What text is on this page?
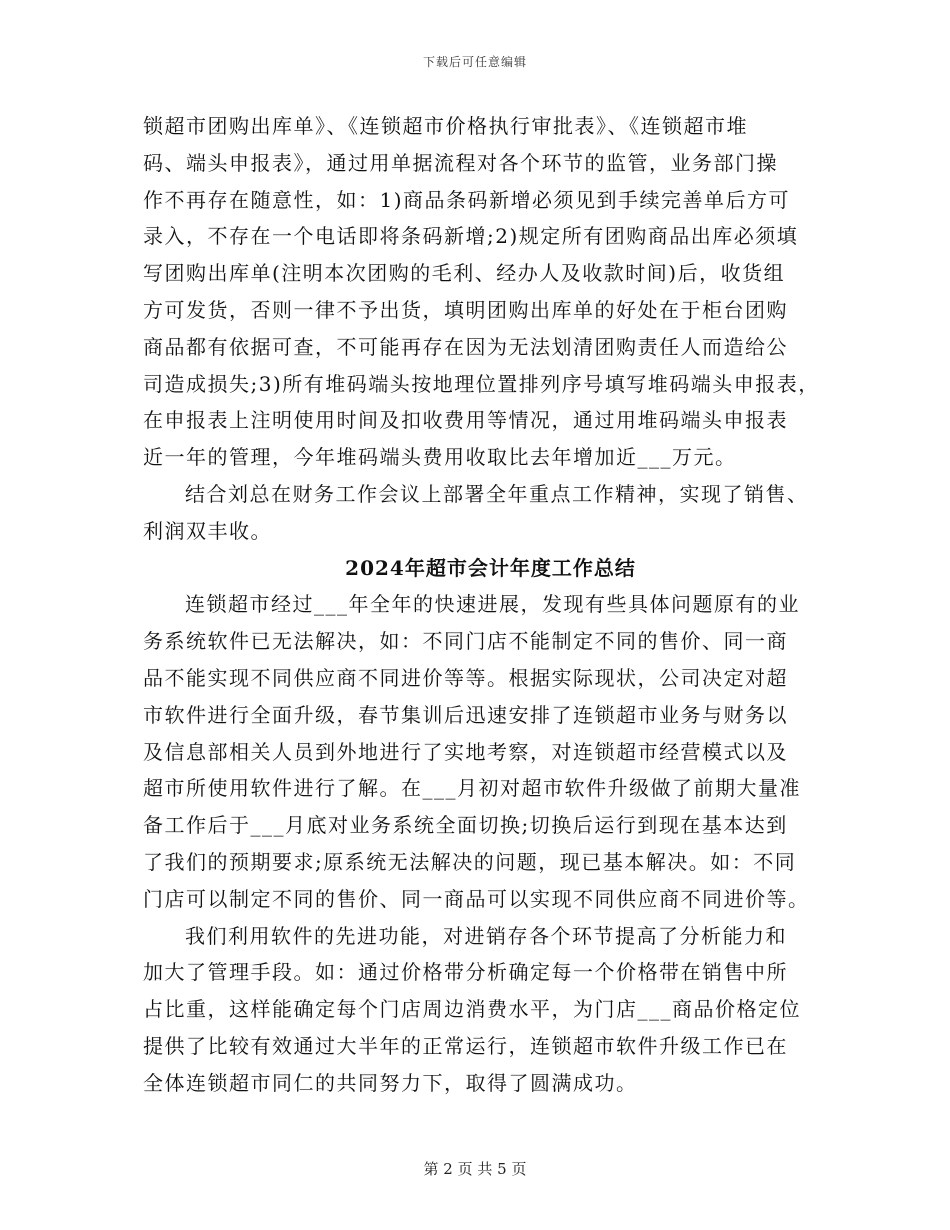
下载后可任意编辑
锁超市团购出库单》、《连锁超市价格执行审批表》、《连锁超市堆
码、端头申报表》，通过用单据流程对各个环节的监管，业务部门操
作不再存在随意性，如：1)商品条码新增必须见到手续完善单后方可
录入，不存在一个电话即将条码新增;2)规定所有团购商品出库必须填
写团购出库单(注明本次团购的毛利、经办人及收款时间)后，收货组
方可发货，否则一律不予出货，填明团购出库单的好处在于柜台团购
商品都有依据可查，不可能再存在因为无法划清团购责任人而造给公
司造成损失;3)所有堆码端头按地理位置排列序号填写堆码端头申报表，
在申报表上注明使用时间及扣收费用等情况，通过用堆码端头申报表
近一年的管理，今年堆码端头费用收取比去年增加近___万元。
结合刘总在财务工作会议上部署全年重点工作精神，实现了销售、
利润双丰收。
2024年超市会计年度工作总结
连锁超市经过___年全年的快速进展，发现有些具体问题原有的业
务系统软件已无法解决，如：不同门店不能制定不同的售价、同一商
品不能实现不同供应商不同进价等等。根据实际现状，公司决定对超
市软件进行全面升级，春节集训后迅速安排了连锁超市业务与财务以
及信息部相关人员到外地进行了实地考察，对连锁超市经营模式以及
超市所使用软件进行了解。在___月初对超市软件升级做了前期大量准
备工作后于___月底对业务系统全面切换;切换后运行到现在基本达到
了我们的预期要求;原系统无法解决的问题，现已基本解决。如：不同
门店可以制定不同的售价、同一商品可以实现不同供应商不同进价等。
我们利用软件的先进功能，对进销存各个环节提高了分析能力和
加大了管理手段。如：通过价格带分析确定每一个价格带在销售中所
占比重，这样能确定每个门店周边消费水平，为门店___商品价格定位
提供了比较有效通过大半年的正常运行，连锁超市软件升级工作已在
全体连锁超市同仁的共同努力下，取得了圆满成功。
第 2 页 共 5 页
